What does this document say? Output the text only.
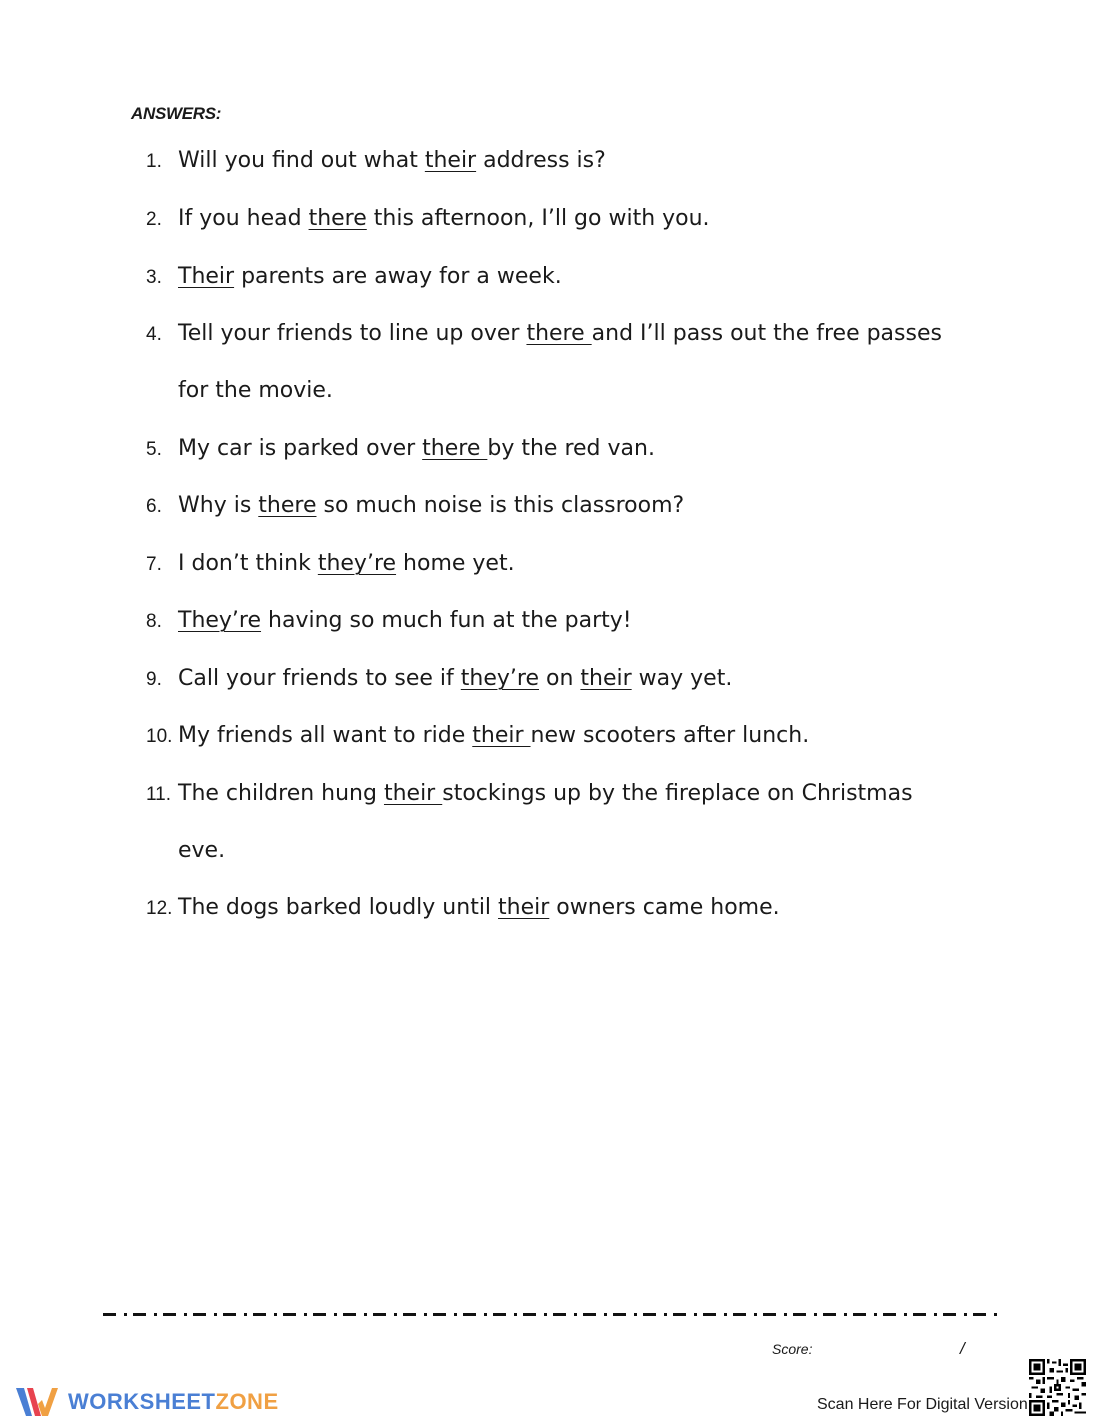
ANSWERS:
1. Will you find out what their address is?
2. If you head there this afternoon, I’ll go with you.
3. Their parents are away for a week.
4. Tell your friends to line up over there and I’ll pass out the free passes
for the movie.
5. My car is parked over there by the red van.
6. Why is there so much noise is this classroom?
7. I don’t think they’re home yet.
8. They’re having so much fun at the party!
9. Call your friends to see if they’re on their way yet.
10. My friends all want to ride their new scooters after lunch.
11. The children hung their stockings up by the fireplace on Christmas
eve.
12. The dogs barked loudly until their owners came home.
Score:	/
WORKSHEETZONE	Scan Here For Digital Version
